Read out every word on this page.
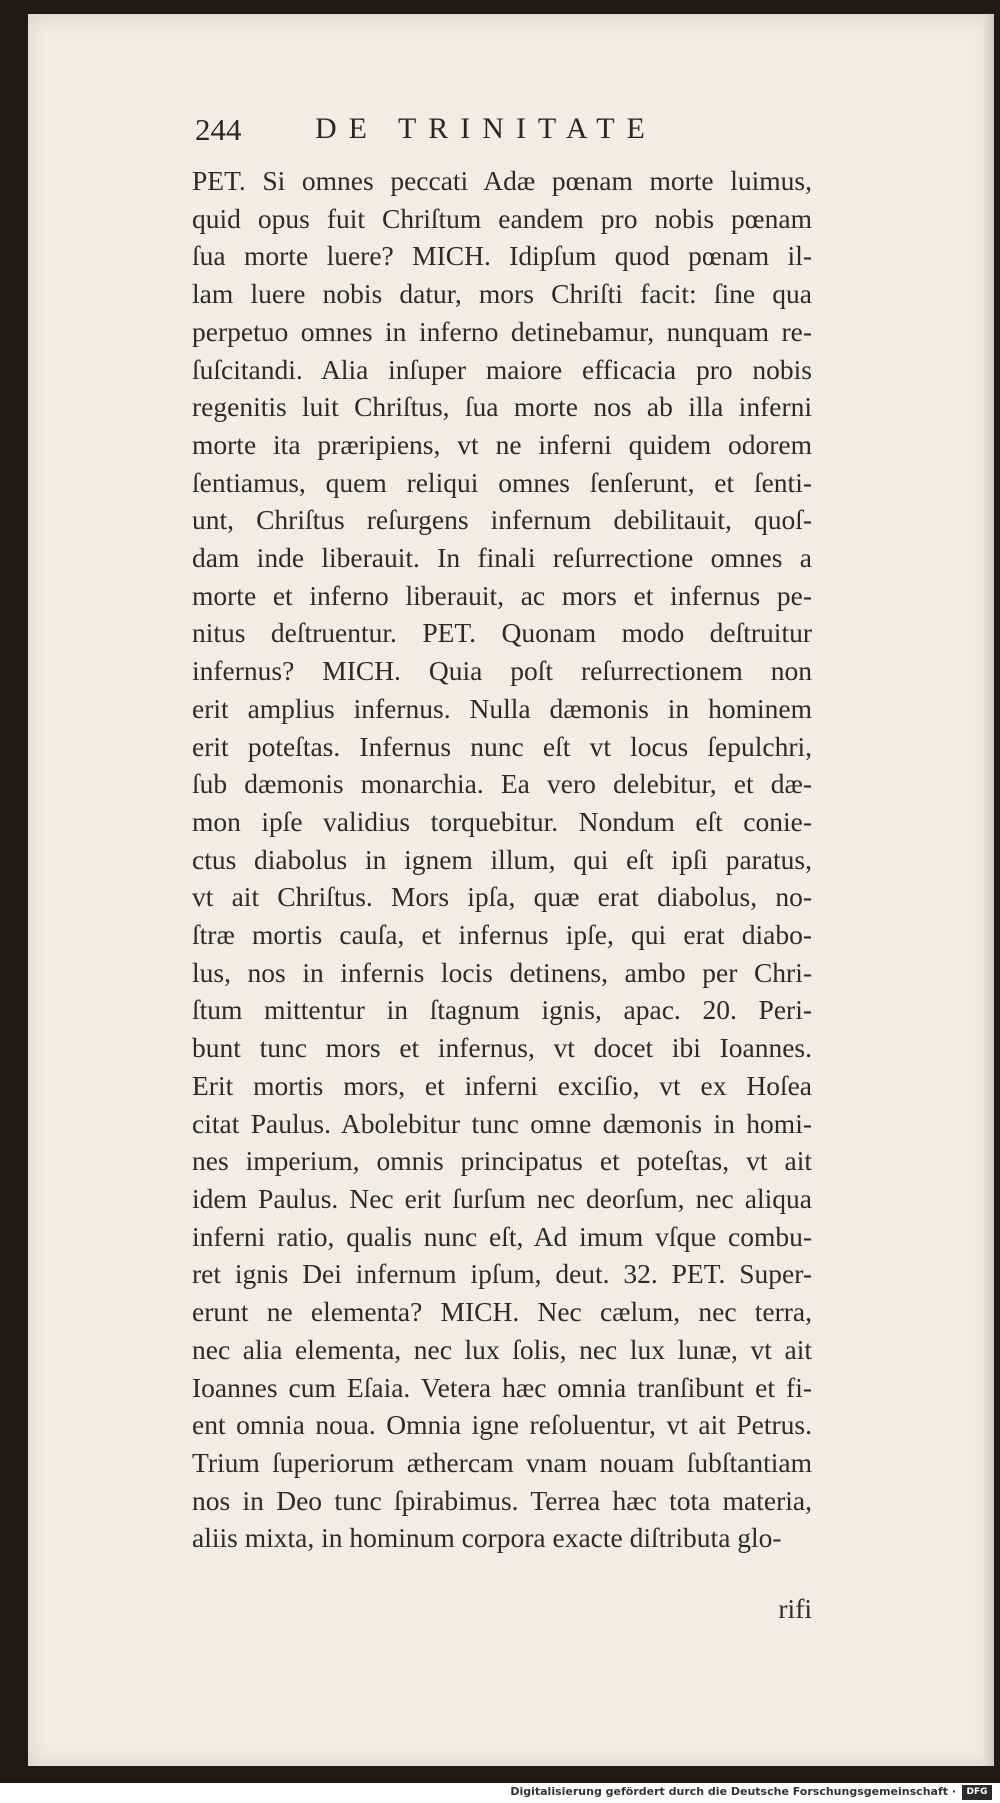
244 DE TRINITATE
PET. Si omnes peccati Adæ pœnam morte luimus,
quid opus fuit Chriſtum eandem pro nobis pœnam
ſua morte luere? MICH. Idipſum quod pœnam il-
lam luere nobis datur, mors Chriſti facit: ſine qua
perpetuo omnes in inferno detinebamur, nunquam re-
ſuſcitandi. Alia inſuper maiore efficacia pro nobis
regenitis luit Chriſtus, ſua morte nos ab illa inferni
morte ita præripiens, vt ne inferni quidem odorem
ſentiamus, quem reliqui omnes ſenſerunt, et ſenti-
unt, Chriſtus reſurgens infernum debilitauit, quoſ-
dam inde liberauit. In finali reſurrectione omnes a
morte et inferno liberauit, ac mors et infernus pe-
nitus deſtruentur. PET. Quonam modo deſtruitur
infernus? MICH. Quia poſt reſurrectionem non
erit amplius infernus. Nulla dæmonis in hominem
erit poteſtas. Infernus nunc eſt vt locus ſepulchri,
ſub dæmonis monarchia. Ea vero delebitur, et dæ-
mon ipſe validius torquebitur. Nondum eſt conie-
ctus diabolus in ignem illum, qui eſt ipſi paratus,
vt ait Chriſtus. Mors ipſa, quæ erat diabolus, no-
ſtræ mortis cauſa, et infernus ipſe, qui erat diabo-
lus, nos in infernis locis detinens, ambo per Chri-
ſtum mittentur in ſtagnum ignis, apac. 20. Peri-
bunt tunc mors et infernus, vt docet ibi Ioannes.
Erit mortis mors, et inferni exciſio, vt ex Hoſea
citat Paulus. Abolebitur tunc omne dæmonis in homi-
nes imperium, omnis principatus et poteſtas, vt ait
idem Paulus. Nec erit ſurſum nec deorſum, nec aliqua
inferni ratio, qualis nunc eſt, Ad imum vſque combu-
ret ignis Dei infernum ipſum, deut. 32. PET. Super-
erunt ne elementa? MICH. Nec cælum, nec terra,
nec alia elementa, nec lux ſolis, nec lux lunæ, vt ait
Ioannes cum Eſaia. Vetera hæc omnia tranſibunt et fi-
ent omnia noua. Omnia igne reſoluentur, vt ait Petrus.
Trium ſuperiorum æthercam vnam nouam ſubſtantiam
nos in Deo tunc ſpirabimus. Terrea hæc tota materia,
aliis mixta, in hominum corpora exacte diſtributa glo-
rifi
Digitalisierung gefördert durch die Deutsche Forschungsgemeinschaft ·	DFG
